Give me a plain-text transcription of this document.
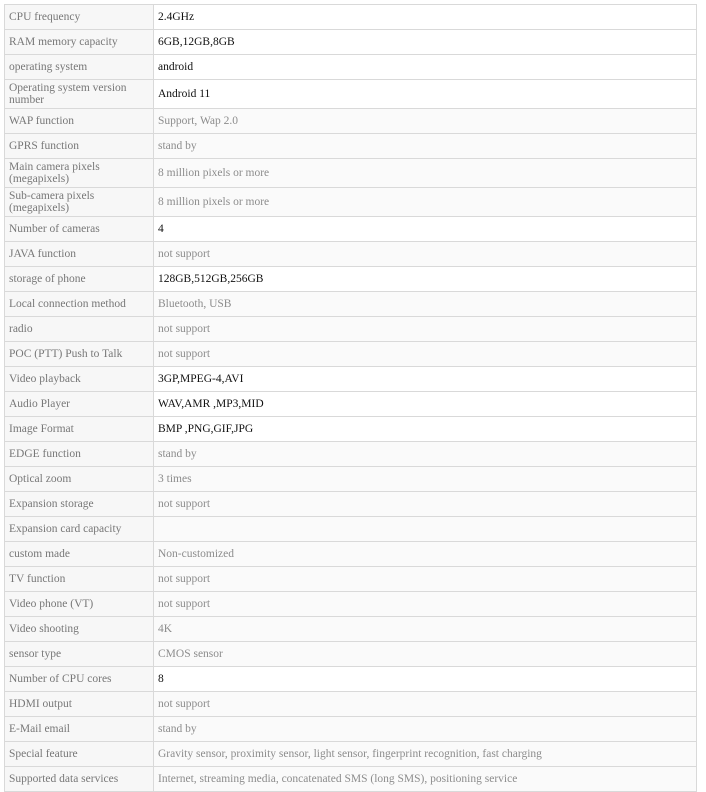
CPU frequency	2.4GHz
RAM memory capacity	6GB,12GB,8GB
operating system	android
Operating system version number	Android 11
WAP function	Support, Wap 2.0
GPRS function	stand by
Main camera pixels (megapixels)	8 million pixels or more
Sub-camera pixels (megapixels)	8 million pixels or more
Number of cameras	4
JAVA function	not support
storage of phone	128GB,512GB,256GB
Local connection method	Bluetooth, USB
radio	not support
POC (PTT) Push to Talk	not support
Video playback	3GP,MPEG-4,AVI
Audio Player	WAV,AMR ,MP3,MID
Image Format	BMP ,PNG,GIF,JPG
EDGE function	stand by
Optical zoom	3 times
Expansion storage	not support
Expansion card capacity	
custom made	Non-customized
TV function	not support
Video phone (VT)	not support
Video shooting	4K
sensor type	CMOS sensor
Number of CPU cores	8
HDMI output	not support
E-Mail email	stand by
Special feature	Gravity sensor, proximity sensor, light sensor, fingerprint recognition, fast charging
Supported data services	Internet, streaming media, concatenated SMS (long SMS), positioning service
